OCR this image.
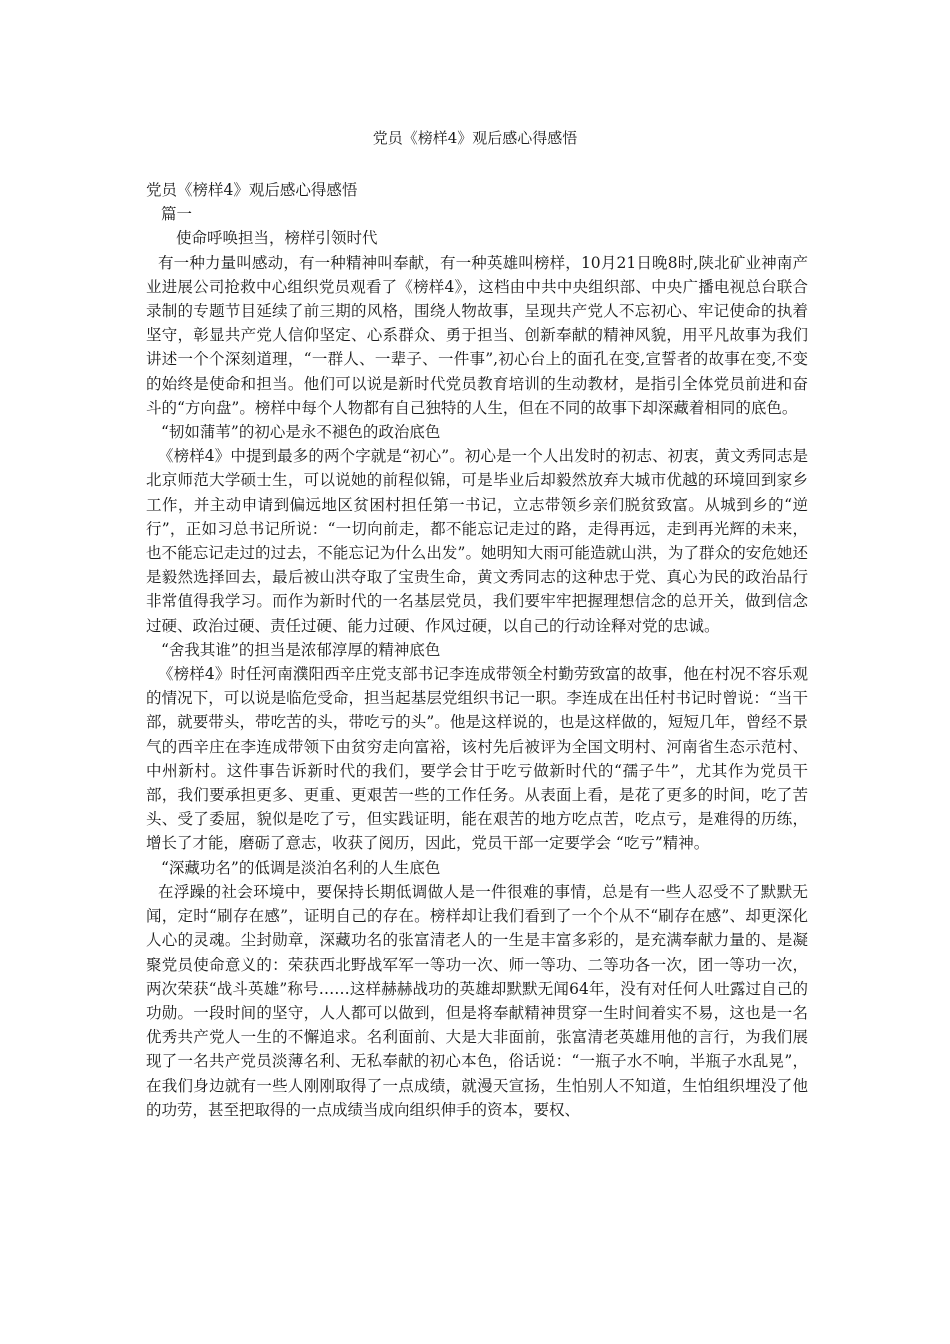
党员《榜样4》观后感心得感悟

党员《榜样4》观后感心得感悟

篇一

使命呼唤担当，榜样引领时代

有一种力量叫感动，有一种精神叫奉献，有一种英雄叫榜样，10月21日晚8时,陕北矿业神南产业进展公司抢救中心组织党员观看了《榜样4》，这档由中共中央组织部、中央广播电视总台联合录制的专题节目延续了前三期的风格，围绕人物故事，呈现共产党人不忘初心、牢记使命的执着坚守，彰显共产党人信仰坚定、心系群众、勇于担当、创新奉献的精神风貌，用平凡故事为我们讲述一个个深刻道理，“一群人、一辈子、一件事”,初心台上的面孔在变,宣誓者的故事在变,不变的始终是使命和担当。他们可以说是新时代党员教育培训的生动教材，是指引全体党员前进和奋斗的“方向盘”。榜样中每个人物都有自己独特的人生，但在不同的故事下却深藏着相同的底色。

“韧如蒲苇”的初心是永不褪色的政治底色

《榜样4》中提到最多的两个字就是“初心”。初心是一个人出发时的初志、初衷，黄文秀同志是北京师范大学硕士生，可以说她的前程似锦，可是毕业后却毅然放弃大城市优越的环境回到家乡工作，并主动申请到偏远地区贫困村担任第一书记，立志带领乡亲们脱贫致富。从城到乡的“逆行”，正如习总书记所说：“一切向前走，都不能忘记走过的路，走得再远，走到再光辉的未来，也不能忘记走过的过去，不能忘记为什么出发”。她明知大雨可能造就山洪，为了群众的安危她还是毅然选择回去，最后被山洪夺取了宝贵生命，黄文秀同志的这种忠于党、真心为民的政治品行非常值得我学习。而作为新时代的一名基层党员，我们要牢牢把握理想信念的总开关，做到信念过硬、政治过硬、责任过硬、能力过硬、作风过硬，以自己的行动诠释对党的忠诚。

“舍我其谁”的担当是浓郁淳厚的精神底色

《榜样4》时任河南濮阳西辛庄党支部书记李连成带领全村勤劳致富的故事，他在村况不容乐观的情况下，可以说是临危受命，担当起基层党组织书记一职。李连成在出任村书记时曾说：“当干部，就要带头，带吃苦的头，带吃亏的头”。他是这样说的，也是这样做的，短短几年，曾经不景气的西辛庄在李连成带领下由贫穷走向富裕，该村先后被评为全国文明村、河南省生态示范村、中州新村。这件事告诉新时代的我们，要学会甘于吃亏做新时代的“孺子牛”，尤其作为党员干部，我们要承担更多、更重、更艰苦一些的工作任务。从表面上看，是花了更多的时间，吃了苦头、受了委屈，貌似是吃了亏，但实践证明，能在艰苦的地方吃点苦，吃点亏，是难得的历练，增长了才能，磨砺了意志，收获了阅历，因此，党员干部一定要学会 “吃亏”精神。

“深藏功名”的低调是淡泊名利的人生底色

在浮躁的社会环境中，要保持长期低调做人是一件很难的事情，总是有一些人忍受不了默默无闻，定时“刷存在感”，证明自己的存在。榜样却让我们看到了一个个从不“刷存在感”、却更深化人心的灵魂。尘封勋章，深藏功名的张富清老人的一生是丰富多彩的，是充满奉献力量的、是凝聚党员使命意义的：荣获西北野战军军一等功一次、师一等功、二等功各一次，团一等功一次，两次荣获“战斗英雄”称号……这样赫赫战功的英雄却默默无闻64年，没有对任何人吐露过自己的功勋。一段时间的坚守，人人都可以做到，但是将奉献精神贯穿一生时间着实不易，这也是一名优秀共产党人一生的不懈追求。名利面前、大是大非面前，张富清老英雄用他的言行，为我们展现了一名共产党员淡薄名利、无私奉献的初心本色，俗话说：“一瓶子水不响，半瓶子水乱晃”，在我们身边就有一些人刚刚取得了一点成绩，就漫天宣扬，生怕别人不知道，生怕组织埋没了他的功劳，甚至把取得的一点成绩当成向组织伸手的资本，要权、
